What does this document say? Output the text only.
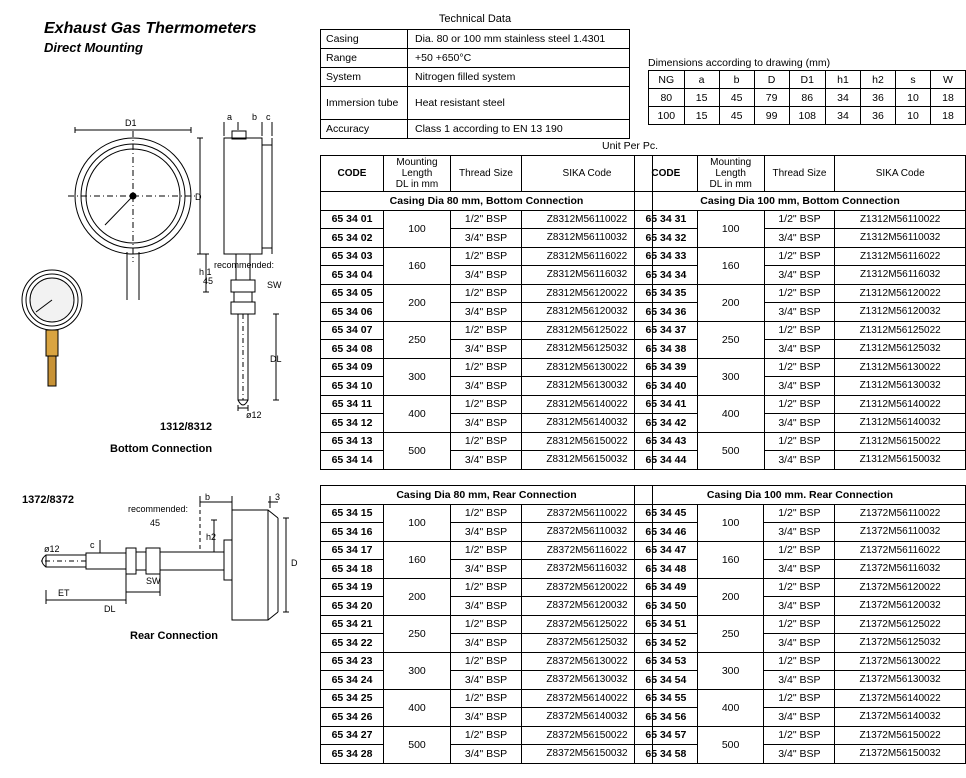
Exhaust Gas Thermometers
Direct Mounting
D1
a b c
D
h 1
45	SW
DL
ø12
recommended:
3
b
D
h2
c
SW
ET
DL
ø12
recommended:
45
1312/8312
Bottom Connection
1372/8372
Rear Connection
Technical Data
Casing	Dia. 80 or 100 mm stainless steel 1.4301
Range	+50 +650°C
System	Nitrogen filled system
Immersion tube	Heat resistant steel
Accuracy	Class 1 according to EN 13 190
Dimensions according to drawing (mm)
NG	a	b	D	D1	h1	h2	s	W
80	15	45	79	86	34	36	10	18
100	15	45	99	108	34	36	10	18
Unit Per Pc.
CODE	Mounting
Length
DL in mm	Thread Size	SIKA Code
Casing Dia 80 mm, Bottom Connection			
65 34 01	100	1/2" BSP	Z8312M56110022
65 34 02		3/4" BSP	Z8312M56110032
65 34 03	160	1/2" BSP	Z8312M56116022
65 34 04		3/4" BSP	Z8312M56116032
65 34 05	200	1/2" BSP	Z8312M56120022
65 34 06		3/4" BSP	Z8312M56120032
65 34 07	250	1/2" BSP	Z8312M56125022
65 34 08		3/4" BSP	Z8312M56125032
65 34 09	300	1/2" BSP	Z8312M56130022
65 34 10		3/4" BSP	Z8312M56130032
65 34 11	400	1/2" BSP	Z8312M56140022
65 34 12		3/4" BSP	Z8312M56140032
65 34 13	500	1/2" BSP	Z8312M56150022
65 34 14		3/4" BSP	Z8312M56150032
CODE	Mounting
Length
DL in mm	Thread Size	SIKA Code
Casing Dia 100 mm, Bottom Connection			
65 34 31	100	1/2" BSP	Z1312M56110022
65 34 32		3/4" BSP	Z1312M56110032
65 34 33	160	1/2" BSP	Z1312M56116022
65 34 34		3/4" BSP	Z1312M56116032
65 34 35	200	1/2" BSP	Z1312M56120022
65 34 36		3/4" BSP	Z1312M56120032
65 34 37	250	1/2" BSP	Z1312M56125022
65 34 38		3/4" BSP	Z1312M56125032
65 34 39	300	1/2" BSP	Z1312M56130022
65 34 40		3/4" BSP	Z1312M56130032
65 34 41	400	1/2" BSP	Z1312M56140022
65 34 42		3/4" BSP	Z1312M56140032
65 34 43	500	1/2" BSP	Z1312M56150022
65 34 44		3/4" BSP	Z1312M56150032
Casing Dia 80 mm, Rear Connection			
65 34 15	100	1/2" BSP	Z8372M56110022
65 34 16		3/4" BSP	Z8372M56110032
65 34 17	160	1/2" BSP	Z8372M56116022
65 34 18		3/4" BSP	Z8372M56116032
65 34 19	200	1/2" BSP	Z8372M56120022
65 34 20		3/4" BSP	Z8372M56120032
65 34 21	250	1/2" BSP	Z8372M56125022
65 34 22		3/4" BSP	Z8372M56125032
65 34 23	300	1/2" BSP	Z8372M56130022
65 34 24		3/4" BSP	Z8372M56130032
65 34 25	400	1/2" BSP	Z8372M56140022
65 34 26		3/4" BSP	Z8372M56140032
65 34 27	500	1/2" BSP	Z8372M56150022
65 34 28		3/4" BSP	Z8372M56150032
Casing Dia 100 mm. Rear Connection			
65 34 45	100	1/2" BSP	Z1372M56110022
65 34 46		3/4" BSP	Z1372M56110032
65 34 47	160	1/2" BSP	Z1372M56116022
65 34 48		3/4" BSP	Z1372M56116032
65 34 49	200	1/2" BSP	Z1372M56120022
65 34 50		3/4" BSP	Z1372M56120032
65 34 51	250	1/2" BSP	Z1372M56125022
65 34 52		3/4" BSP	Z1372M56125032
65 34 53	300	1/2" BSP	Z1372M56130022
65 34 54		3/4" BSP	Z1372M56130032
65 34 55	400	1/2" BSP	Z1372M56140022
65 34 56		3/4" BSP	Z1372M56140032
65 34 57	500	1/2" BSP	Z1372M56150022
65 34 58		3/4" BSP	Z1372M56150032
